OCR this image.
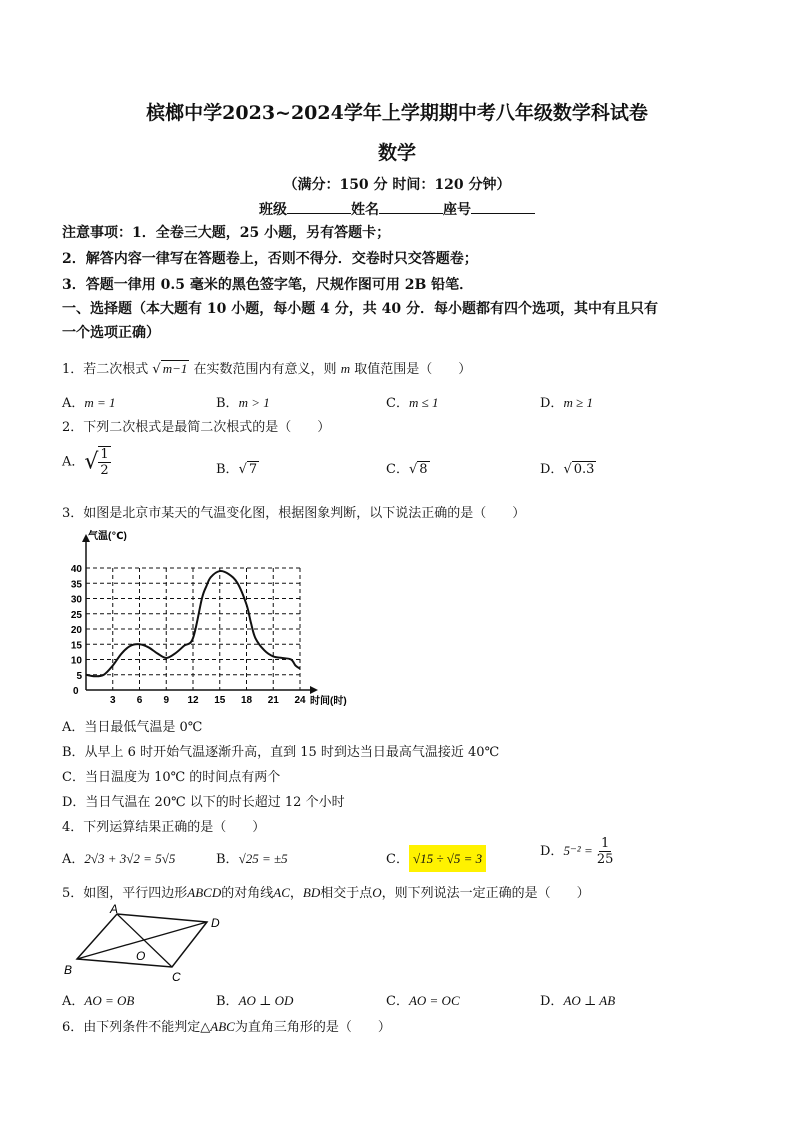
槟榔中学2023~2024学年上学期期中考八年级数学科试卷
数学
（满分：150 分 时间：120 分钟）
班级	姓名	座号
注意事项：1．全卷三大题，25 小题，另有答题卡；
2．解答内容一律写在答题卷上，否则不得分．交卷时只交答题卷；
3．答题一律用 0.5 毫米的黑色签字笔，尺规作图可用 2B 铅笔．
一、选择题（本大题有 10 小题，每小题 4 分，共 40 分．每小题都有四个选项，其中有且只有
一个选项正确）
1．若二次根式 √ m−1 在实数范围内有意义，则 m 取值范围是（　　）
A．m = 1	B．m > 1	C．m ≤ 1	D．m ≥ 1
2．下列二次根式是最简二次根式的是（　　）
A．√ $\frac{1}{2}$	B．√ 7	C．√ 8	D．√ 0.3
3．如图是北京市某天的气温变化图，根据图象判断，以下说法正确的是（　　）
5
10
15
20
25
30
35
40
3 6 9 12 15 18 21 24
气温(℃)
时间(时)
0
A．当日最低气温是 0℃
B．从早上 6 时开始气温逐渐升高，直到 15 时到达当日最高气温接近 40℃
C．当日温度为 10℃ 的时间点有两个
D．当日气温在 20℃ 以下的时长超过 12 个小时
4．下列运算结果正确的是（　　）
A．2√3 + 3√2 = 5√5	B．√25 = ±5	C． √15 ÷ √5 = 3	D．$5^{-2} = \frac{1}{25}$
5．如图，平行四边形ABCD的对角线AC，BD相交于点O，则下列说法一定正确的是（　　）
A
B	C
D
O
A．AO = OB	B．AO ⊥ OD	C．AO = OC	D．AO ⊥ AB
6．由下列条件不能判定△ABC为直角三角形的是（　　）
